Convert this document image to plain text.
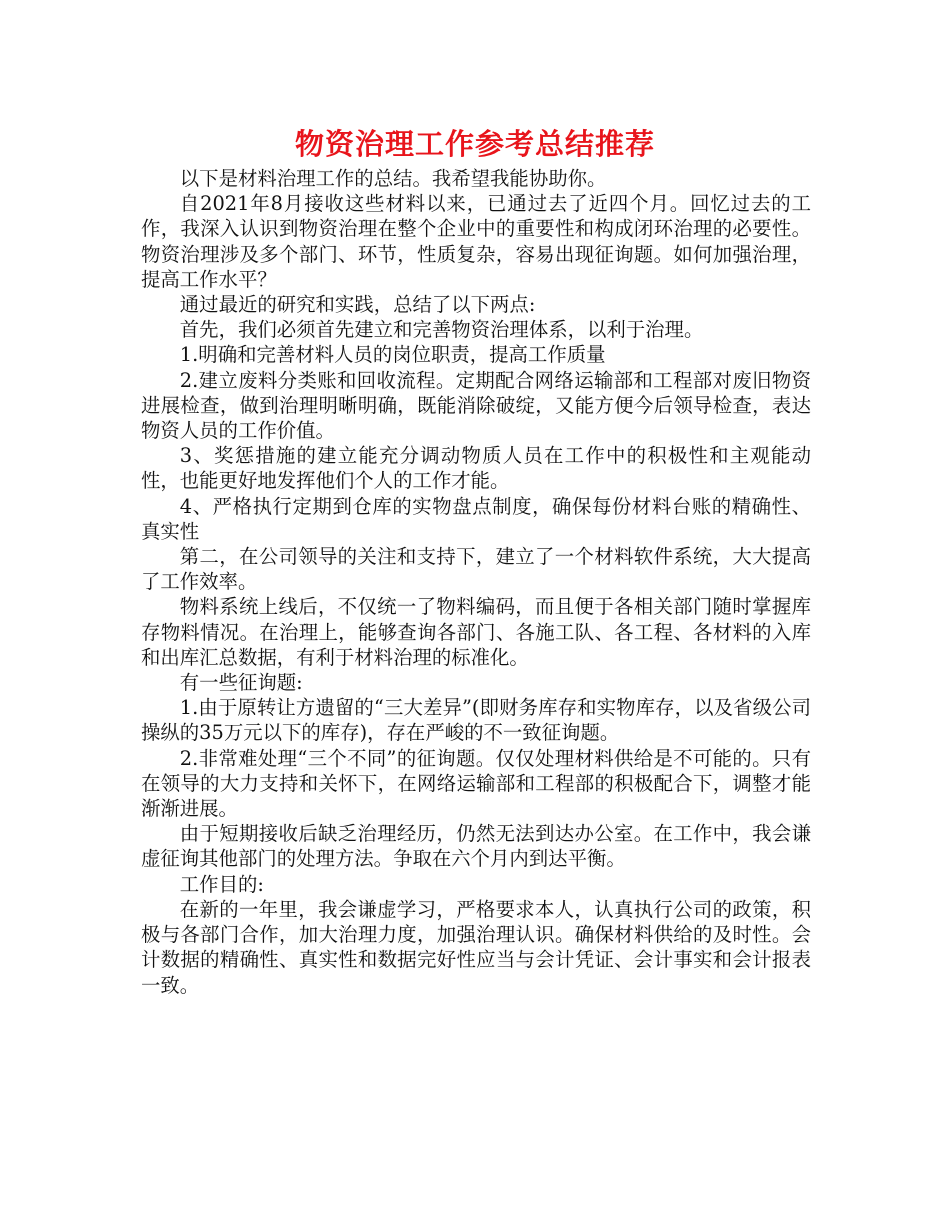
物资治理工作参考总结推荐

以下是材料治理工作的总结。我希望我能协助你。

自2021年8月接收这些材料以来，已通过去了近四个月。回忆过去的工作，我深入认识到物资治理在整个企业中的重要性和构成闭环治理的必要性。物资治理涉及多个部门、环节，性质复杂，容易出现征询题。如何加强治理，提高工作水平？

通过最近的研究和实践，总结了以下两点:

首先，我们必须首先建立和完善物资治理体系，以利于治理。

1.明确和完善材料人员的岗位职责，提高工作质量

2.建立废料分类账和回收流程。定期配合网络运输部和工程部对废旧物资进展检查，做到治理明晰明确，既能消除破绽，又能方便今后领导检查，表达物资人员的工作价值。

3、奖惩措施的建立能充分调动物质人员在工作中的积极性和主观能动性，也能更好地发挥他们个人的工作才能。

4、严格执行定期到仓库的实物盘点制度，确保每份材料台账的精确性、真实性

第二，在公司领导的关注和支持下，建立了一个材料软件系统，大大提高了工作效率。

物料系统上线后，不仅统一了物料编码，而且便于各相关部门随时掌握库存物料情况。在治理上，能够查询各部门、各施工队、各工程、各材料的入库和出库汇总数据，有利于材料治理的标准化。

有一些征询题:

1.由于原转让方遗留的“三大差异”(即财务库存和实物库存，以及省级公司操纵的35万元以下的库存)，存在严峻的不一致征询题。

2.非常难处理“三个不同”的征询题。仅仅处理材料供给是不可能的。只有在领导的大力支持和关怀下，在网络运输部和工程部的积极配合下，调整才能渐渐进展。

由于短期接收后缺乏治理经历，仍然无法到达办公室。在工作中，我会谦虚征询其他部门的处理方法。争取在六个月内到达平衡。

工作目的:

在新的一年里，我会谦虚学习，严格要求本人，认真执行公司的政策，积极与各部门合作，加大治理力度，加强治理认识。确保材料供给的及时性。会计数据的精确性、真实性和数据完好性应当与会计凭证、会计事实和会计报表一致。
